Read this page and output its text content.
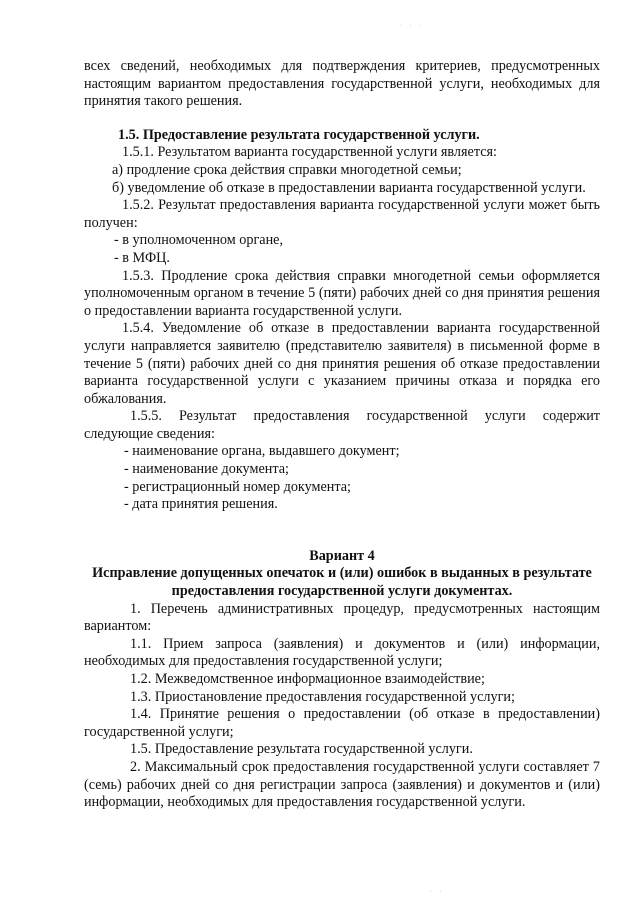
· · ·

всех сведений, необходимых для подтверждения критериев, предусмотренных настоящим вариантом предоставления государственной услуги, необходимых для принятия такого решения.

1.5. Предоставление результата государственной услуги.

1.5.1. Результатом варианта государственной услуги является:

а) продление срока действия справки многодетной семьи;

б) уведомление об отказе в предоставлении варианта государственной услуги.

1.5.2. Результат предоставления варианта государственной услуги может быть получен:

- в уполномоченном органе,

- в МФЦ.

1.5.3. Продление срока действия справки многодетной семьи оформляется уполномоченным органом в течение 5 (пяти) рабочих дней со дня принятия решения о предоставлении варианта государственной услуги.

1.5.4. Уведомление об отказе в предоставлении варианта государственной услуги направляется заявителю (представителю заявителя) в письменной форме в течение 5 (пяти) рабочих дней со дня принятия решения об отказе предоставлении варианта государственной услуги с указанием причины отказа и порядка его обжалования.

1.5.5. Результат предоставления государственной услуги содержит следующие сведения:

- наименование органа, выдавшего документ;

- наименование документа;

- регистрационный номер документа;

- дата принятия решения.

Вариант 4

Исправление допущенных опечаток и (или) ошибок в выданных в результате предоставления государственной услуги документах.

1. Перечень административных процедур, предусмотренных настоящим вариантом:

1.1. Прием запроса (заявления) и документов и (или) информации, необходимых для предоставления государственной услуги;

1.2. Межведомственное информационное взаимодействие;

1.3. Приостановление предоставления государственной услуги;

1.4. Принятие решения о предоставлении (об отказе в предоставлении) государственной услуги;

1.5. Предоставление результата государственной услуги.

2. Максимальный срок предоставления государственной услуги составляет 7 (семь) рабочих дней со дня регистрации запроса (заявления) и документов и (или) информации, необходимых для предоставления государственной услуги.

· ·
